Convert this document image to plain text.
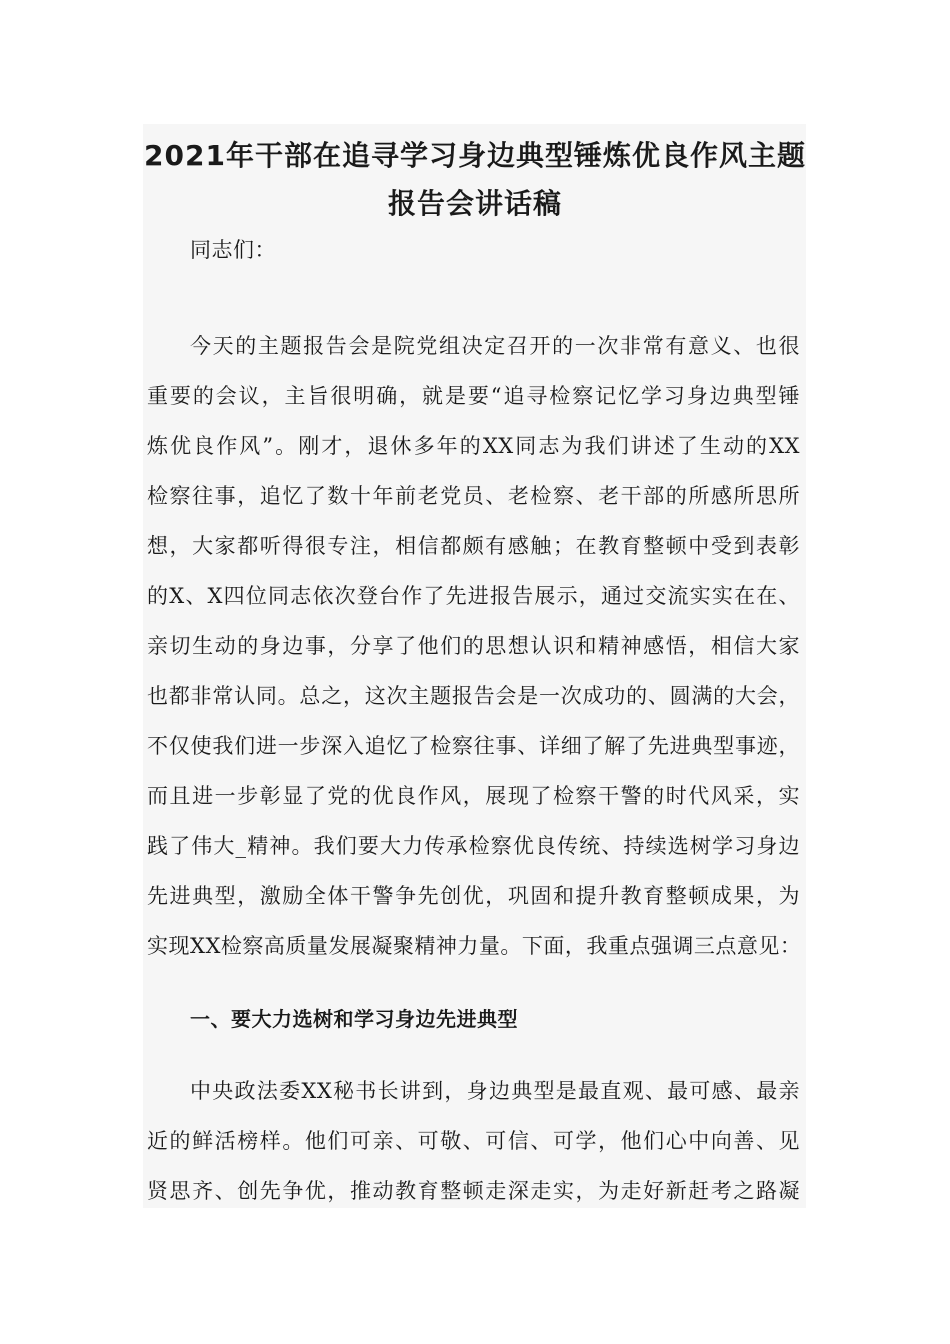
2021年干部在追寻学习身边典型锤炼优良作风主题
报告会讲话稿
同志们：
今天的主题报告会是院党组决定召开的一次非常有意义、也很
重要的会议，主旨很明确，就是要“追寻检察记忆学习身边典型锤
炼优良作风”。刚才，退休多年的XX同志为我们讲述了生动的XX
检察往事，追忆了数十年前老党员、老检察、老干部的所感所思所
想，大家都听得很专注，相信都颇有感触；在教育整顿中受到表彰
的X、X四位同志依次登台作了先进报告展示，通过交流实实在在、
亲切生动的身边事，分享了他们的思想认识和精神感悟，相信大家
也都非常认同。总之，这次主题报告会是一次成功的、圆满的大会，
不仅使我们进一步深入追忆了检察往事、详细了解了先进典型事迹，
而且进一步彰显了党的优良作风，展现了检察干警的时代风采，实
践了伟大_精神。我们要大力传承检察优良传统、持续选树学习身边
先进典型，激励全体干警争先创优，巩固和提升教育整顿成果，为
实现XX检察高质量发展凝聚精神力量。下面，我重点强调三点意见：
一、要大力选树和学习身边先进典型
中央政法委XX秘书长讲到，身边典型是最直观、最可感、最亲
近的鲜活榜样。他们可亲、可敬、可信、可学，他们心中向善、见
贤思齐、创先争优，推动教育整顿走深走实，为走好新赶考之路凝
